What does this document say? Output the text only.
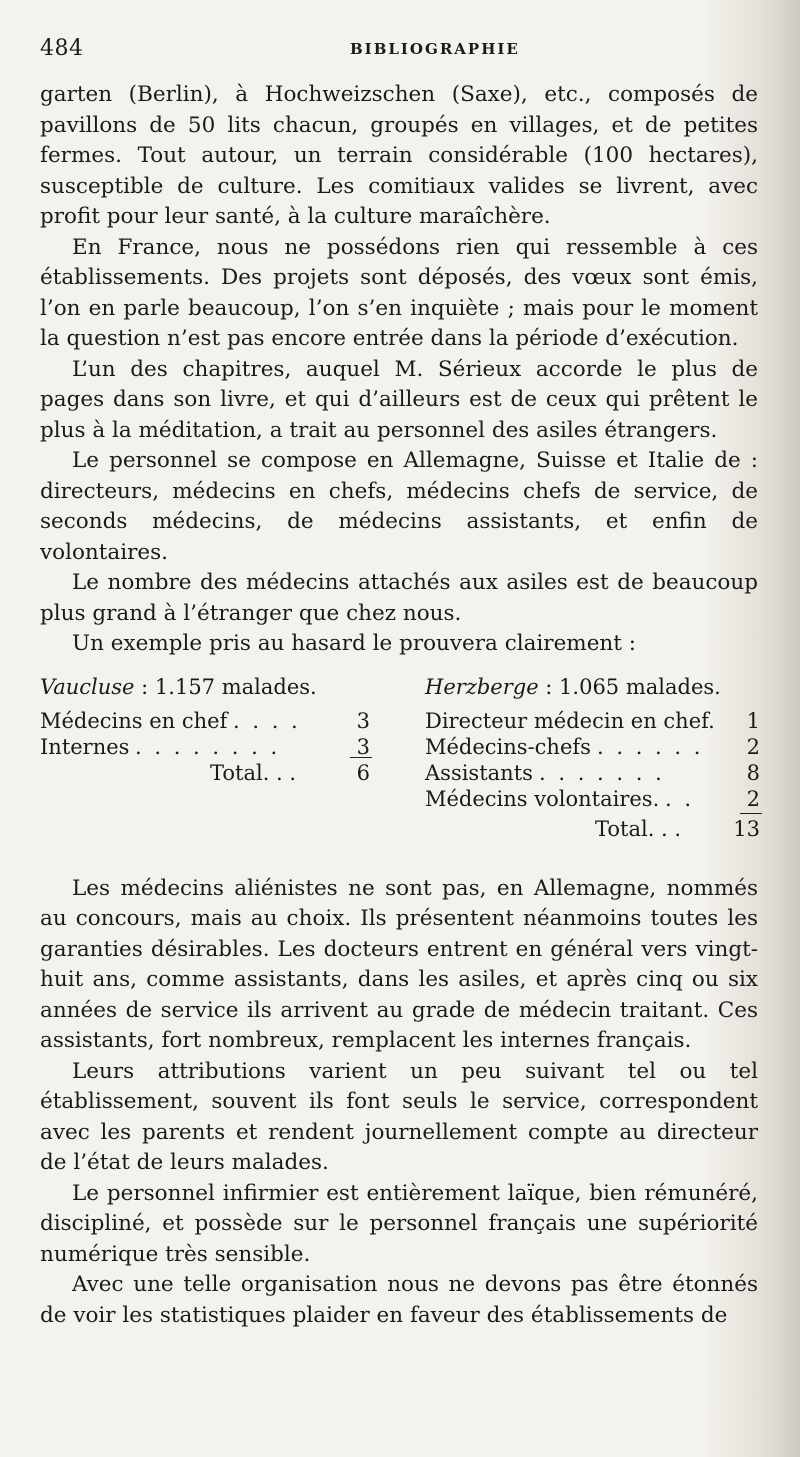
484	BIBLIOGRAPHIE

garten (Berlin), à Hochweizschen (Saxe), etc., composés de pavillons de 50 lits chacun, groupés en villages, et de petites fermes. Tout autour, un terrain considérable (100 hectares), susceptible de culture. Les comitiaux valides se livrent, avec profit pour leur santé, à la culture maraîchère.

En France, nous ne possédons rien qui ressemble à ces établissements. Des projets sont déposés, des vœux sont émis, l’on en parle beaucoup, l’on s’en inquiète ; mais pour le moment la question n’est pas encore entrée dans la période d’exécution.

L’un des chapitres, auquel M. Sérieux accorde le plus de pages dans son livre, et qui d’ailleurs est de ceux qui prêtent le plus à la méditation, a trait au personnel des asiles étrangers.

Le personnel se compose en Allemagne, Suisse et Italie de : directeurs, médecins en chefs, médecins chefs de service, de seconds médecins, de médecins assistants, et enfin de volontaires.

Le nombre des médecins attachés aux asiles est de beaucoup plus grand à l’étranger que chez nous.

Un exemple pris au hasard le prouvera clairement :

Vaucluse : 1.157 malades.
Médecins en chef . . . .	3
Internes . . . . . . . .	3
Total. . .	6
Herzberge : 1.065 malades.
Directeur médecin en chef. 1
Médecins-chefs . . . . . . 2
Assistants . . . . . . .	8
Médecins volontaires. . .	2
Total. . . 13

Les médecins aliénistes ne sont pas, en Allemagne, nommés au concours, mais au choix. Ils présentent néanmoins toutes les garanties désirables. Les docteurs entrent en général vers vingt-huit ans, comme assistants, dans les asiles, et après cinq ou six années de service ils arrivent au grade de médecin traitant. Ces assistants, fort nombreux, remplacent les internes français.

Leurs attributions varient un peu suivant tel ou tel établissement, souvent ils font seuls le service, correspondent avec les parents et rendent journellement compte au directeur de l’état de leurs malades.

Le personnel infirmier est entièrement laïque, bien rémunéré, discipliné, et possède sur le personnel français une supériorité numérique très sensible.

Avec une telle organisation nous ne devons pas être étonnés de voir les statistiques plaider en faveur des établissements de
